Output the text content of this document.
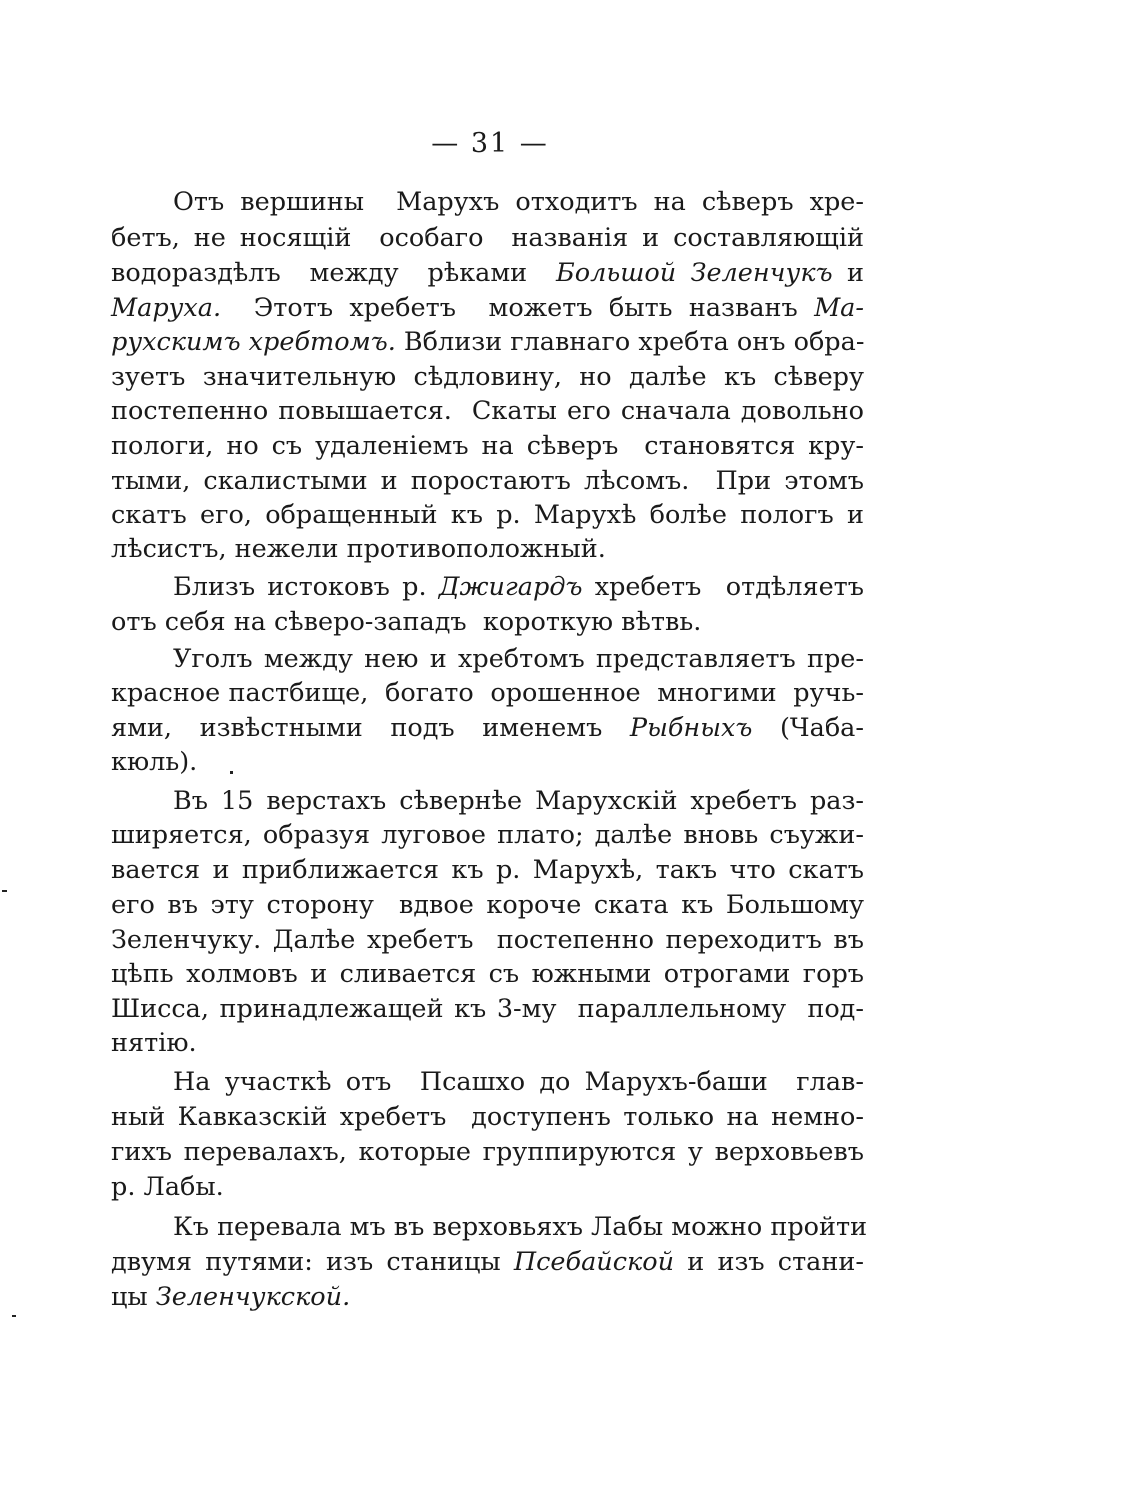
— 31 —
Отъ вершины  Марухъ отходитъ на сѣверъ хре-
бетъ, не носящій  особаго  названія и составляющій
водораздѣлъ  между  рѣками  Большой Зеленчукъ и
Маруха.  Этотъ хребетъ  можетъ быть названъ Ма-
рухскимъ хребтомъ. Вблизи главнаго хребта онъ обра-
зуетъ значительную сѣдловину, но далѣе къ сѣверу
постепенно повышается.  Скаты его сначала довольно
пологи, но съ удаленіемъ на сѣверъ  становятся кру-
тыми, скалистыми и поростаютъ лѣсомъ.  При этомъ
скатъ его, обращенный къ р. Марухѣ болѣе пологъ и
лѣсистъ, нежели противоположный.
Близъ истоковъ р. Джигардъ хребетъ  отдѣляетъ
отъ себя на сѣверо-западъ  короткую вѣтвь.
Уголъ между нею и хребтомъ представляетъ пре-
красное пастбище,  богато  орошенное  многими  ручь-
ями,  извѣстными  подъ  именемъ  Рыбныхъ  (Чаба-
кюль).
Въ 15 верстахъ сѣвернѣе Марухскій хребетъ раз-
ширяется, образуя луговое плато; далѣе вновь съужи-
вается и приближается къ р. Марухѣ, такъ что скатъ
его въ эту сторону  вдвое короче ската къ Большому
Зеленчуку. Далѣе хребетъ  постепенно переходитъ въ
цѣпь холмовъ и сливается съ южными отрогами горъ
Шисса, принадлежащей къ 3-му  параллельному  под-
нятію.
На участкѣ отъ  Псашхо до Марухъ-баши  глав-
ный Кавказскій хребетъ  доступенъ только на немно-
гихъ перевалахъ, которые группируются у верховьевъ
р. Лабы.
Къ перевала мъ въ верховьяхъ Лабы можно пройти
двумя путями: изъ станицы Псебайской и изъ стани-
цы Зеленчукской.
